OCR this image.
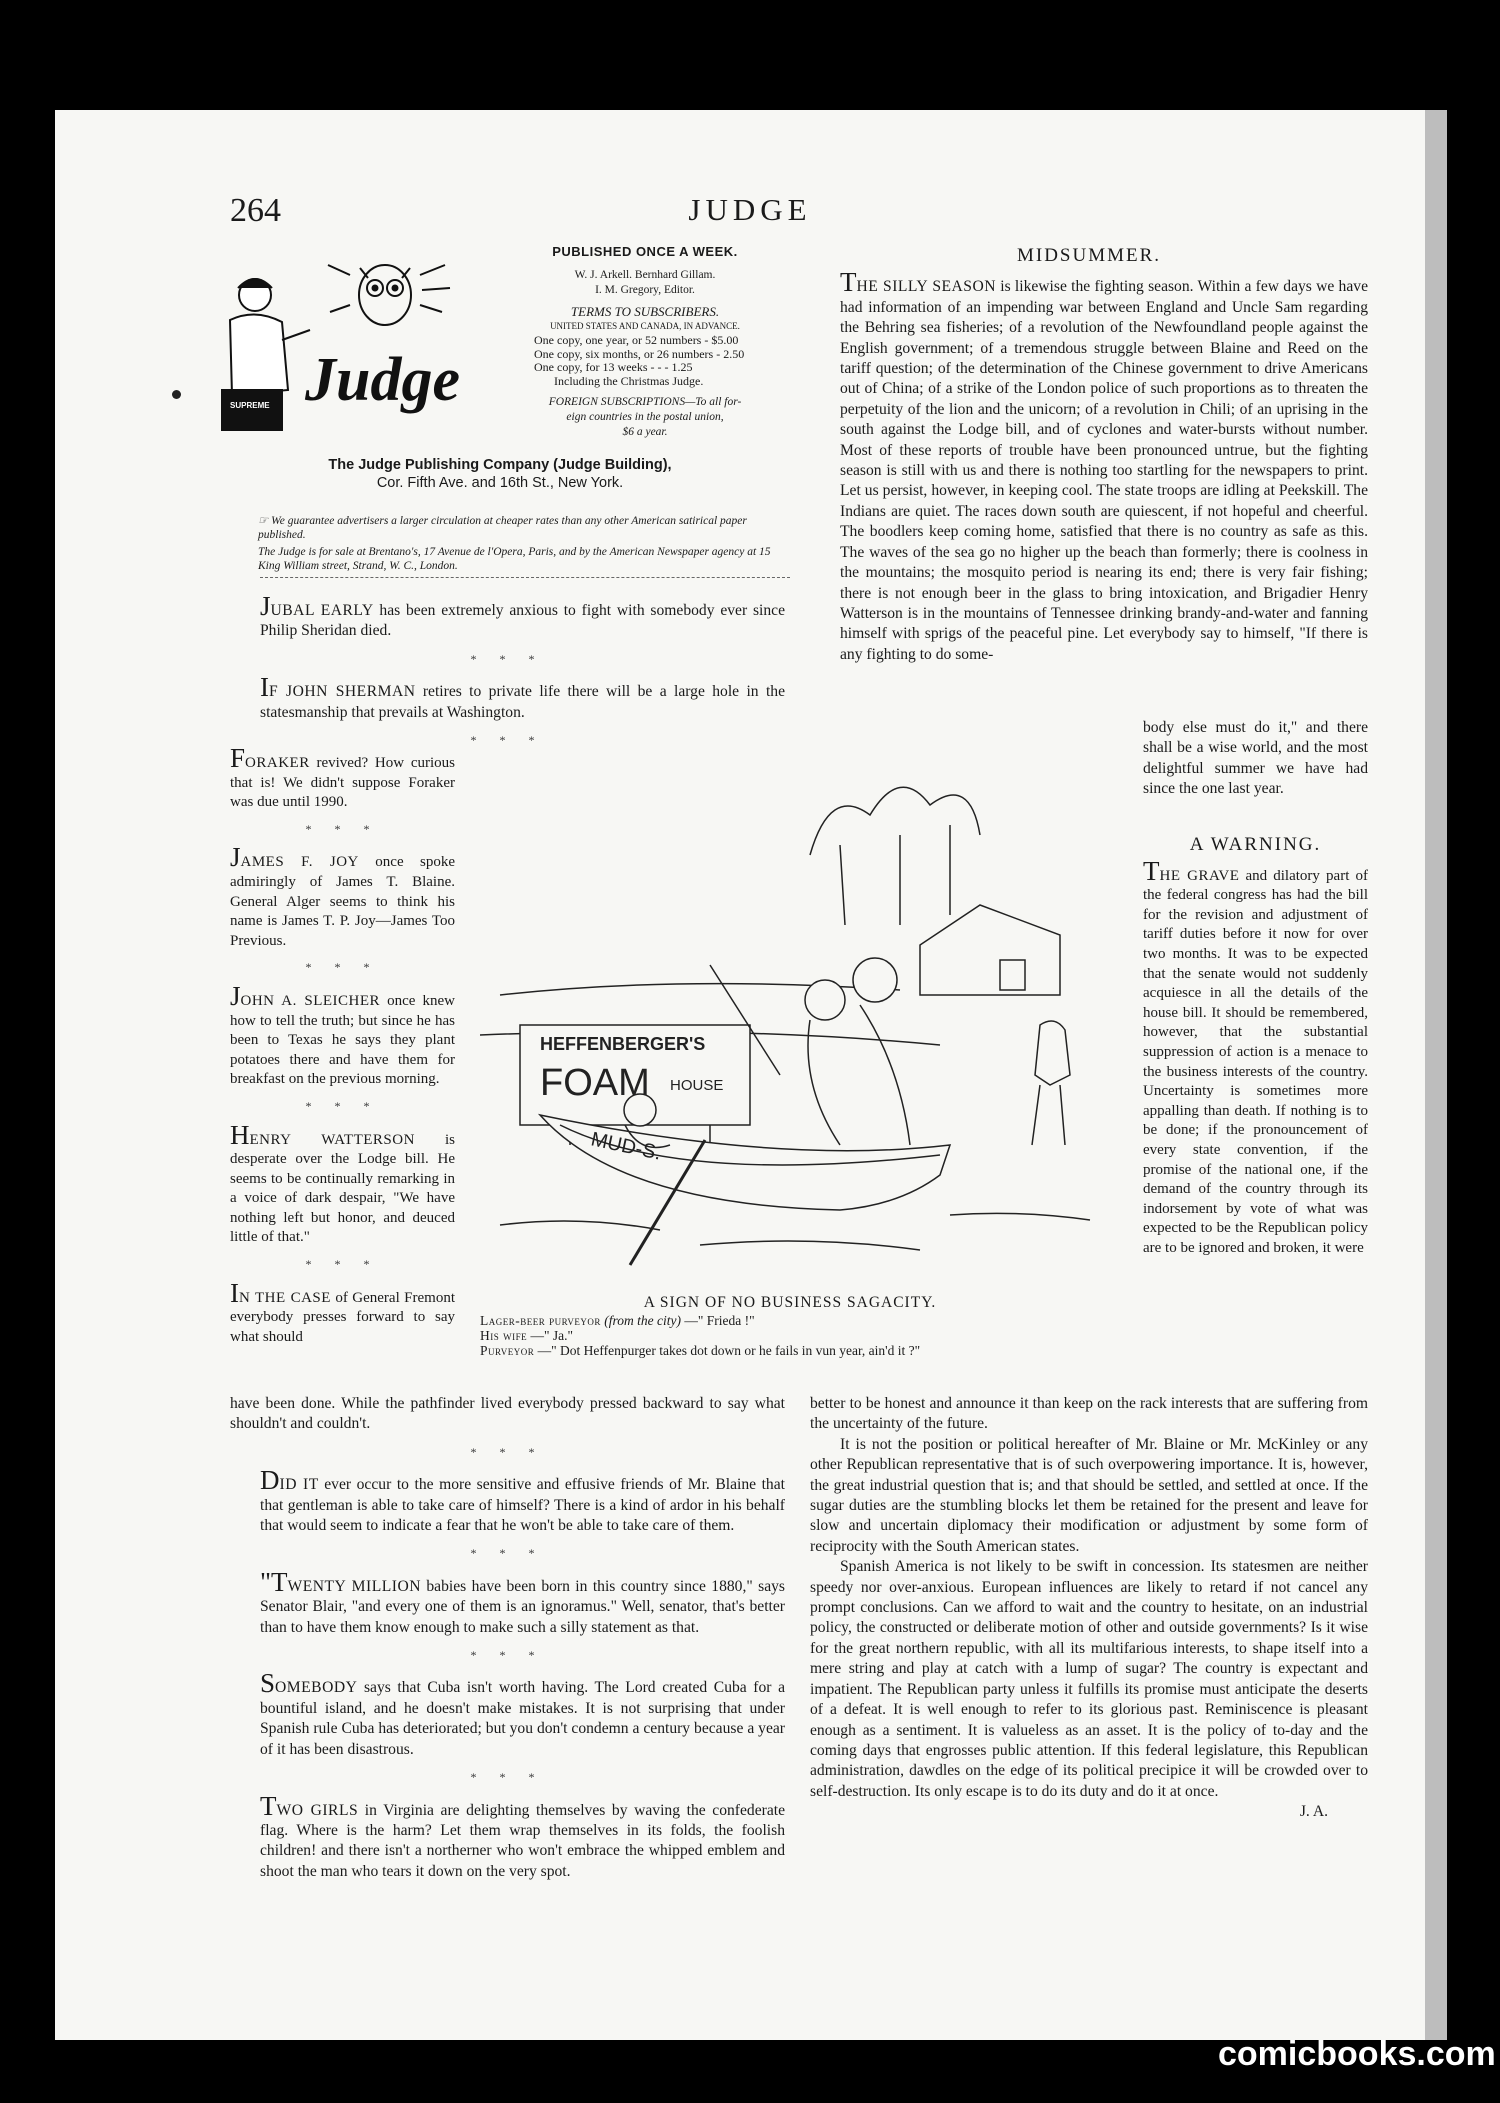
264	JUDGE
SUPREME Judge
PUBLISHED ONCE A WEEK.
W. J. Arkell. Bernhard Gillam.
I. M. Gregory, Editor.
TERMS TO SUBSCRIBERS.
UNITED STATES AND CANADA, IN ADVANCE.
One copy, one year, or 52 numbers - $5.00
One copy, six months, or 26 numbers - 2.50
One copy, for 13 weeks - - - 1.25
Including the Christmas Judge.
FOREIGN SUBSCRIPTIONS—To all for-
eign countries in the postal union,
$6 a year.
The Judge Publishing Company (Judge Building),
Cor. Fifth Ave. and 16th St., New York.
☞ We guarantee advertisers a larger circulation at cheaper rates than any other American satirical paper published.
The Judge is for sale at Brentano's, 17 Avenue de l'Opera, Paris, and by the American Newspaper agency at 15 King William street, Strand, W. C., London.

JUBAL EARLY has been extremely anxious to fight with somebody ever since Philip Sheridan died.

* * *

IF JOHN SHERMAN retires to private life there will be a large hole in the statesmanship that prevails at Washington.

* * *

FORAKER revived? How curious that is! We didn't suppose Foraker was due until 1990.

* * *

JAMES F. JOY once spoke admiringly of James T. Blaine. General Alger seems to think his name is James T. P. Joy—James Too Previous.

* * *

JOHN A. SLEICHER once knew how to tell the truth; but since he has been to Texas he says they plant potatoes there and have them for breakfast on the previous morning.

* * *

HENRY WATTERSON is desperate over the Lodge bill. He seems to be continually remarking in a voice of dark despair, "We have nothing left but honor, and deuced little of that."

* * *

IN THE CASE of General Fremont everybody presses forward to say what should

have been done. While the pathfinder lived everybody pressed backward to say what shouldn't and couldn't.

* * *

DID IT ever occur to the more sensitive and effusive friends of Mr. Blaine that that gentleman is able to take care of himself? There is a kind of ardor in his behalf that would seem to indicate a fear that he won't be able to take care of them.

* * *

"TWENTY MILLION babies have been born in this country since 1880," says Senator Blair, "and every one of them is an ignoramus." Well, senator, that's better than to have them know enough to make such a silly statement as that.

* * *

SOMEBODY says that Cuba isn't worth having. The Lord created Cuba for a bountiful island, and he doesn't make mistakes. It is not surprising that under Spanish rule Cuba has deteriorated; but you don't condemn a century because a year of it has been disastrous.

* * *

TWO GIRLS in Virginia are delighting themselves by waving the confederate flag. Where is the harm? Let them wrap themselves in its folds, the foolish children! and there isn't a northerner who won't embrace the whipped emblem and shoot the man who tears it down on the very spot.

MIDSUMMER.

THE SILLY SEASON is likewise the fighting season. Within a few days we have had information of an impending war between England and Uncle Sam regarding the Behring sea fisheries; of a revolution of the Newfoundland people against the English government; of a tremendous struggle between Blaine and Reed on the tariff question; of the determination of the Chinese government to drive Americans out of China; of a strike of the London police of such proportions as to threaten the perpetuity of the lion and the unicorn; of a revolution in Chili; of an uprising in the south against the Lodge bill, and of cyclones and water-bursts without number. Most of these reports of trouble have been pronounced untrue, but the fighting season is still with us and there is nothing too startling for the newspapers to print. Let us persist, however, in keeping cool. The state troops are idling at Peekskill. The Indians are quiet. The races down south are quiescent, if not hopeful and cheerful. The boodlers keep coming home, satisfied that there is no country as safe as this. The waves of the sea go no higher up the beach than formerly; there is coolness in the mountains; the mosquito period is nearing its end; there is very fair fishing; there is not enough beer in the glass to bring intoxication, and Brigadier Henry Watterson is in the mountains of Tennessee drinking brandy-and-water and fanning himself with sprigs of the peaceful pine. Let everybody say to himself, "If there is any fighting to do some-

body else must do it," and there shall be a wise world, and the most delightful summer we have had since the one last year.

A WARNING.

THE GRAVE and dilatory part of the federal congress has had the bill for the revision and adjustment of tariff duties before it now for over two months. It was to be expected that the senate would not suddenly acquiesce in all the details of the house bill. It should be remembered, however, that the substantial suppression of action is a menace to the business interests of the country. Uncertainty is sometimes more appalling than death. If nothing is to be done; if the pronouncement of every state convention, if the promise of the national one, if the demand of the country through its indorsement by vote of what was expected to be the Republican policy are to be ignored and broken, it were

better to be honest and announce it than keep on the rack interests that are suffering from the uncertainty of the future.

It is not the position or political hereafter of Mr. Blaine or Mr. McKinley or any other Republican representative that is of such overpowering importance. It is, however, the great industrial question that is; and that should be settled, and settled at once. If the sugar duties are the stumbling blocks let them be retained for the present and leave for slow and uncertain diplomacy their modification or adjustment by some form of reciprocity with the South American states.

Spanish America is not likely to be swift in concession. Its statesmen are neither speedy nor over-anxious. European influences are likely to retard if not cancel any prompt conclusions. Can we afford to wait and the country to hesitate, on an industrial policy, the constructed or deliberate motion of other and outside governments? Is it wise for the great northern republic, with all its multifarious interests, to shape itself into a mere string and play at catch with a lump of sugar? The country is expectant and impatient. The Republican party unless it fulfills its promise must anticipate the deserts of a defeat. It is well enough to refer to its glorious past. Reminiscence is pleasant enough as a sentiment. It is valueless as an asset. It is the policy of to-day and the coming days that engrosses public attention. If this federal legislature, this Republican administration, dawdles on the edge of its political precipice it will be crowded over to self-destruction. Its only escape is to do its duty and do it at once.

J. A.
HEFFENBERGER'S
FOAM HOUSE
MUD-S.
A SIGN OF NO BUSINESS SAGACITY.
Lager-beer purveyor (from the city) —" Frieda !"
His wife —" Ja."
Purveyor —" Dot Heffenpurger takes dot down or he fails in vun year, ain'd it ?"
comicbooks.com
